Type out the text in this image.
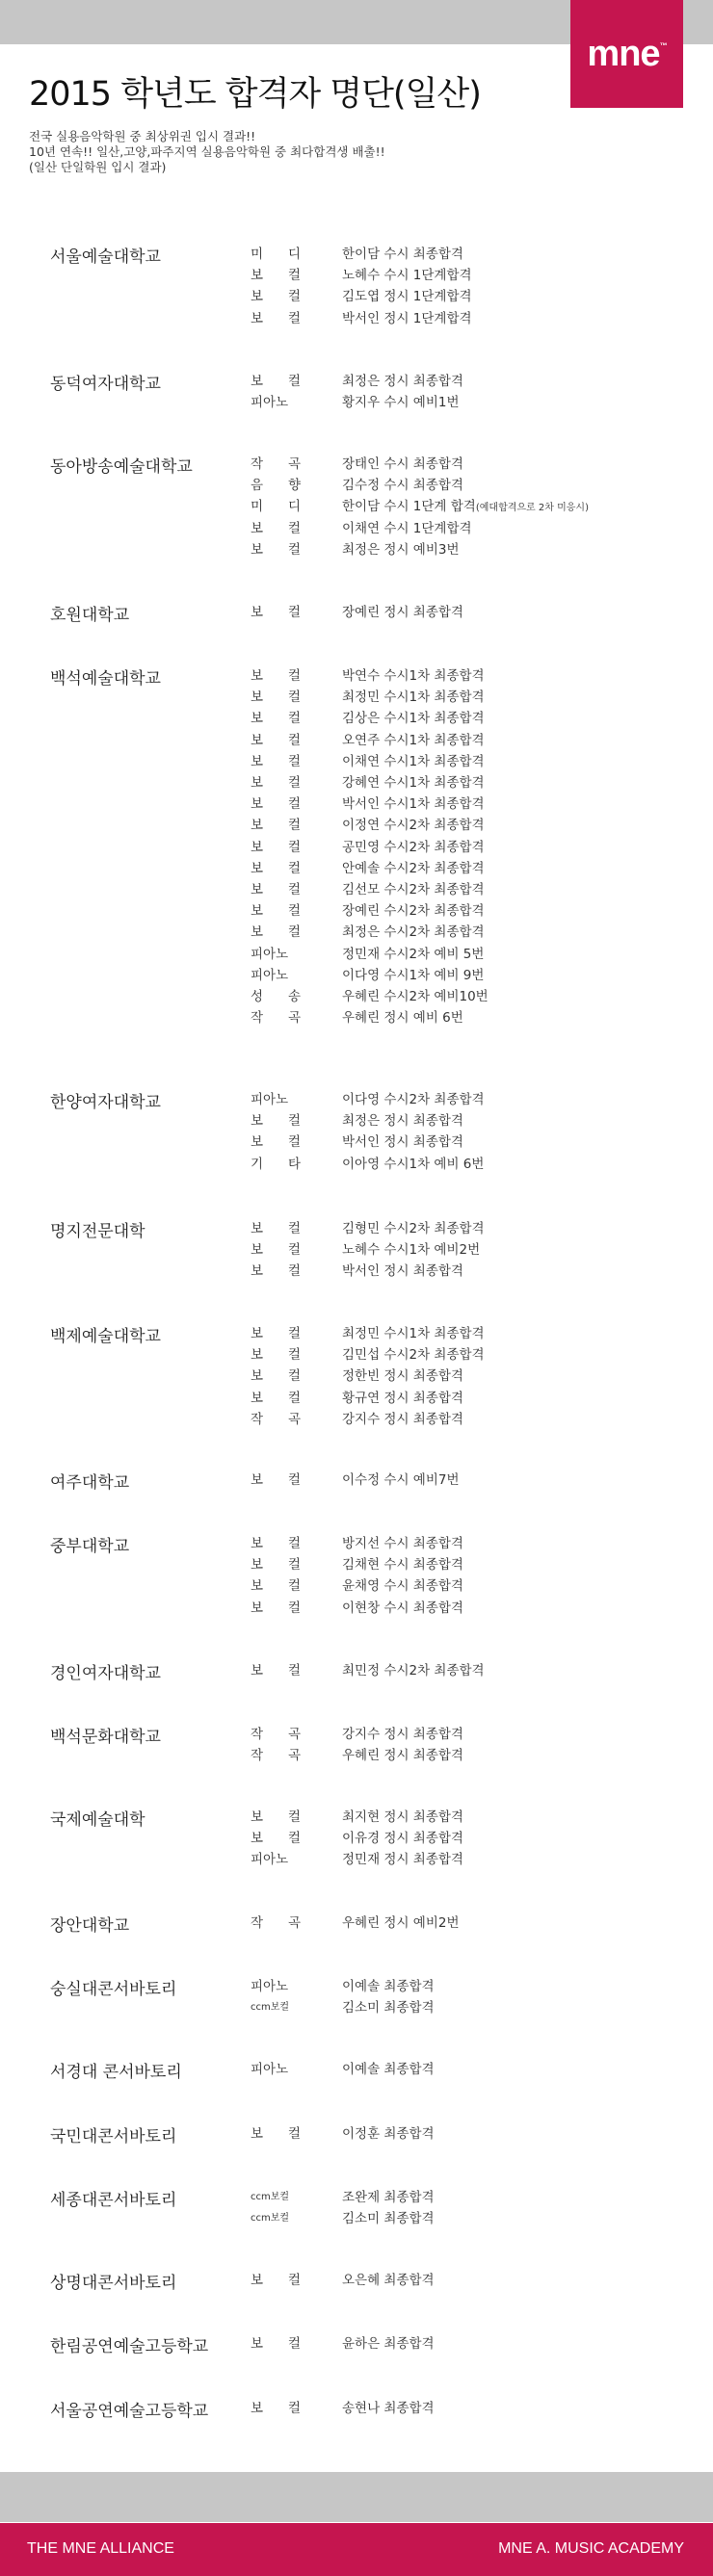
mne™
2015 학년도 합격자 명단(일산)
전국 실용음악학원 중 최상위권 입시 결과!!
10년 연속!! 일산,고양,파주지역 실용음악학원 중 최다합격생 배출!!
(일산 단일학원 입시 결과)
서울예술대학교	미 디	한이담 수시 최종합격
보 컬	노혜수 수시 1단계합격
보 컬	김도엽 정시 1단계합격
보 컬	박서인 정시 1단계합격
동덕여자대학교	보 컬	최정은 정시 최종합격
피아노	황지우 수시 예비1번
동아방송예술대학교	작 곡	장태인 수시 최종합격
음 향	김수정 수시 최종합격
미 디	한이담 수시 1단계 합격(예대합격으로 2차 미응시)
보 컬	이채연 수시 1단계합격
보 컬	최정은 정시 예비3번
호원대학교	보 컬	장예린 정시 최종합격
백석예술대학교	보 컬	박연수 수시1차 최종합격
보 컬	최정민 수시1차 최종합격
보 컬	김상은 수시1차 최종합격
보 컬	오연주 수시1차 최종합격
보 컬	이채연 수시1차 최종합격
보 컬	강혜연 수시1차 최종합격
보 컬	박서인 수시1차 최종합격
보 컬	이정연 수시2차 최종합격
보 컬	공민영 수시2차 최종합격
보 컬	안예솔 수시2차 최종합격
보 컬	김선모 수시2차 최종합격
보 컬	장예린 수시2차 최종합격
보 컬	최정은 수시2차 최종합격
피아노	정민재 수시2차 예비 5번
피아노	이다영 수시1차 예비 9번
성 송	우혜린 수시2차 예비10번
작 곡	우혜린 정시 예비 6번
한양여자대학교	피아노	이다영 수시2차 최종합격
보 컬	최정은 정시 최종합격
보 컬	박서인 정시 최종합격
기 타	이아영 수시1차 예비 6번
명지전문대학	보 컬	김형민 수시2차 최종합격
보 컬	노혜수 수시1차 예비2번
보 컬	박서인 정시 최종합격
백제예술대학교	보 컬	최정민 수시1차 최종합격
보 컬	김민섭 수시2차 최종합격
보 컬	정한빈 정시 최종합격
보 컬	황규연 정시 최종합격
작 곡	강지수 정시 최종합격
여주대학교	보 컬	이수정 수시 예비7번
중부대학교	보 컬	방지선 수시 최종합격
보 컬	김채현 수시 최종합격
보 컬	윤채영 수시 최종합격
보 컬	이현창 수시 최종합격
경인여자대학교	보 컬	최민정 수시2차 최종합격
백석문화대학교	작 곡	강지수 정시 최종합격
작 곡	우혜린 정시 최종합격
국제예술대학	보 컬	최지현 정시 최종합격
보 컬	이유경 정시 최종합격
피아노	정민재 정시 최종합격
장안대학교	작 곡	우혜린 정시 예비2번
숭실대콘서바토리	피아노	이예솔 최종합격
ccm보컬	김소미 최종합격
서경대 콘서바토리	피아노	이예솔 최종합격
국민대콘서바토리	보 컬	이정훈 최종합격
세종대콘서바토리	ccm보컬	조완제 최종합격
ccm보컬	김소미 최종합격
상명대콘서바토리	보 컬	오은혜 최종합격
한림공연예술고등학교	보 컬	윤하은 최종합격
서울공연예술고등학교	보 컬	송현나 최종합격
THE MNE ALLIANCE	MNE A. MUSIC ACADEMY
